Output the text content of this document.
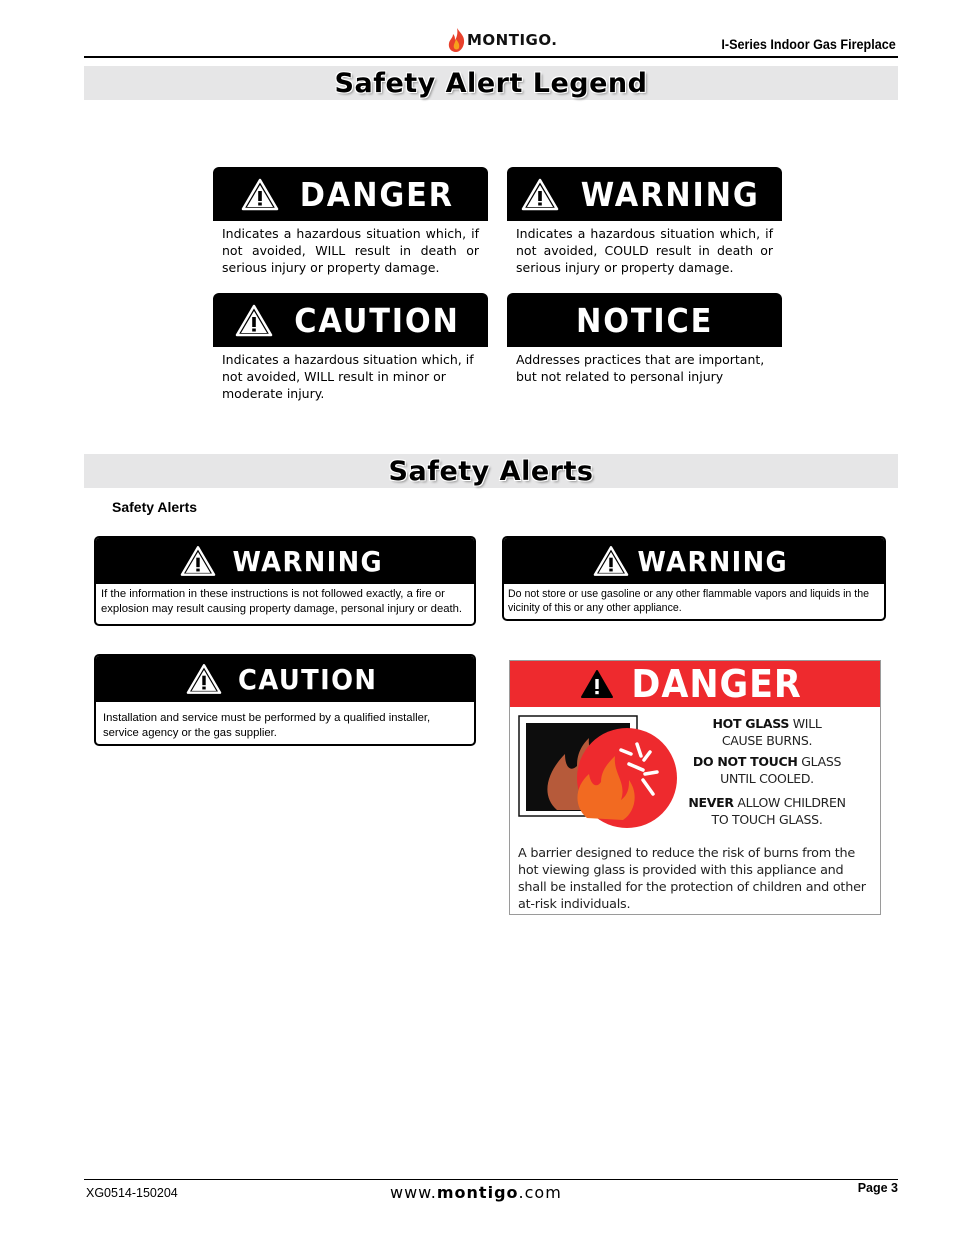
MONTIGO.	I-Series Indoor Gas Fireplace
Safety Alert Legend
DANGER
Indicates a hazardous situation which, if not avoided, WILL result in death or serious injury or property damage.
WARNING
Indicates a hazardous situation which, if not avoided, COULD result in death or serious injury or property damage.
CAUTION
Indicates a hazardous situation which, if not avoided, WILL result in minor or moderate injury.
NOTICE
Addresses practices that are important, but not related to personal injury
Safety Alerts
Safety Alerts
WARNING
If the information in these instructions is not followed exactly, a fire or explosion may result causing property damage, personal injury or death.
WARNING
Do not store or use gasoline or any other flammable vapors and liquids in the vicinity of this or any other appliance.
CAUTION
Installation and service must be performed by a qualified installer, service agency or the gas supplier.
DANGER
HOT GLASS WILL
CAUSE BURNS.
DO NOT TOUCH GLASS
UNTIL COOLED.
NEVER ALLOW CHILDREN
TO TOUCH GLASS.
A barrier designed to reduce the risk of burns from the hot viewing glass is provided with this appliance and shall be installed for the protection of children and other at-risk individuals.
XG0514-150204	www.montigo.com	Page 3
